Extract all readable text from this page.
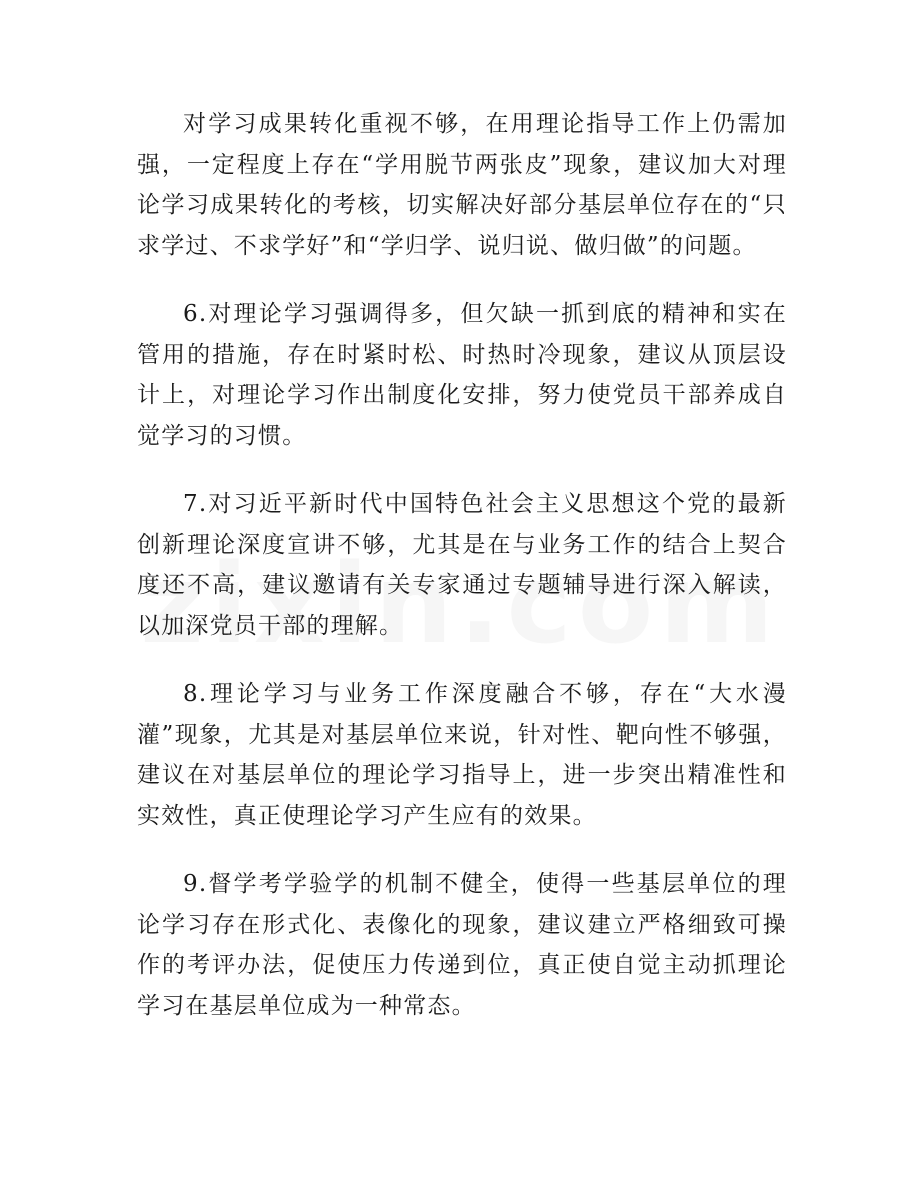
对学习成果转化重视不够，在用理论指导工作上仍需加强，一定程度上存在“学用脱节两张皮”现象，建议加大对理论学习成果转化的考核，切实解决好部分基层单位存在的“只求学过、不求学好”和“学归学、说归说、做归做”的问题。

6.对理论学习强调得多，但欠缺一抓到底的精神和实在管用的措施，存在时紧时松、时热时冷现象，建议从顶层设计上，对理论学习作出制度化安排，努力使党员干部养成自觉学习的习惯。

7.对习近平新时代中国特色社会主义思想这个党的最新创新理论深度宣讲不够，尤其是在与业务工作的结合上契合度还不高，建议邀请有关专家通过专题辅导进行深入解读，以加深党员干部的理解。

8.理论学习与业务工作深度融合不够，存在“大水漫灌”现象，尤其是对基层单位来说，针对性、靶向性不够强，建议在对基层单位的理论学习指导上，进一步突出精准性和实效性，真正使理论学习产生应有的效果。

9.督学考学验学的机制不健全，使得一些基层单位的理论学习存在形式化、表像化的现象，建议建立严格细致可操作的考评办法，促使压力传递到位，真正使自觉主动抓理论学习在基层单位成为一种常态。
